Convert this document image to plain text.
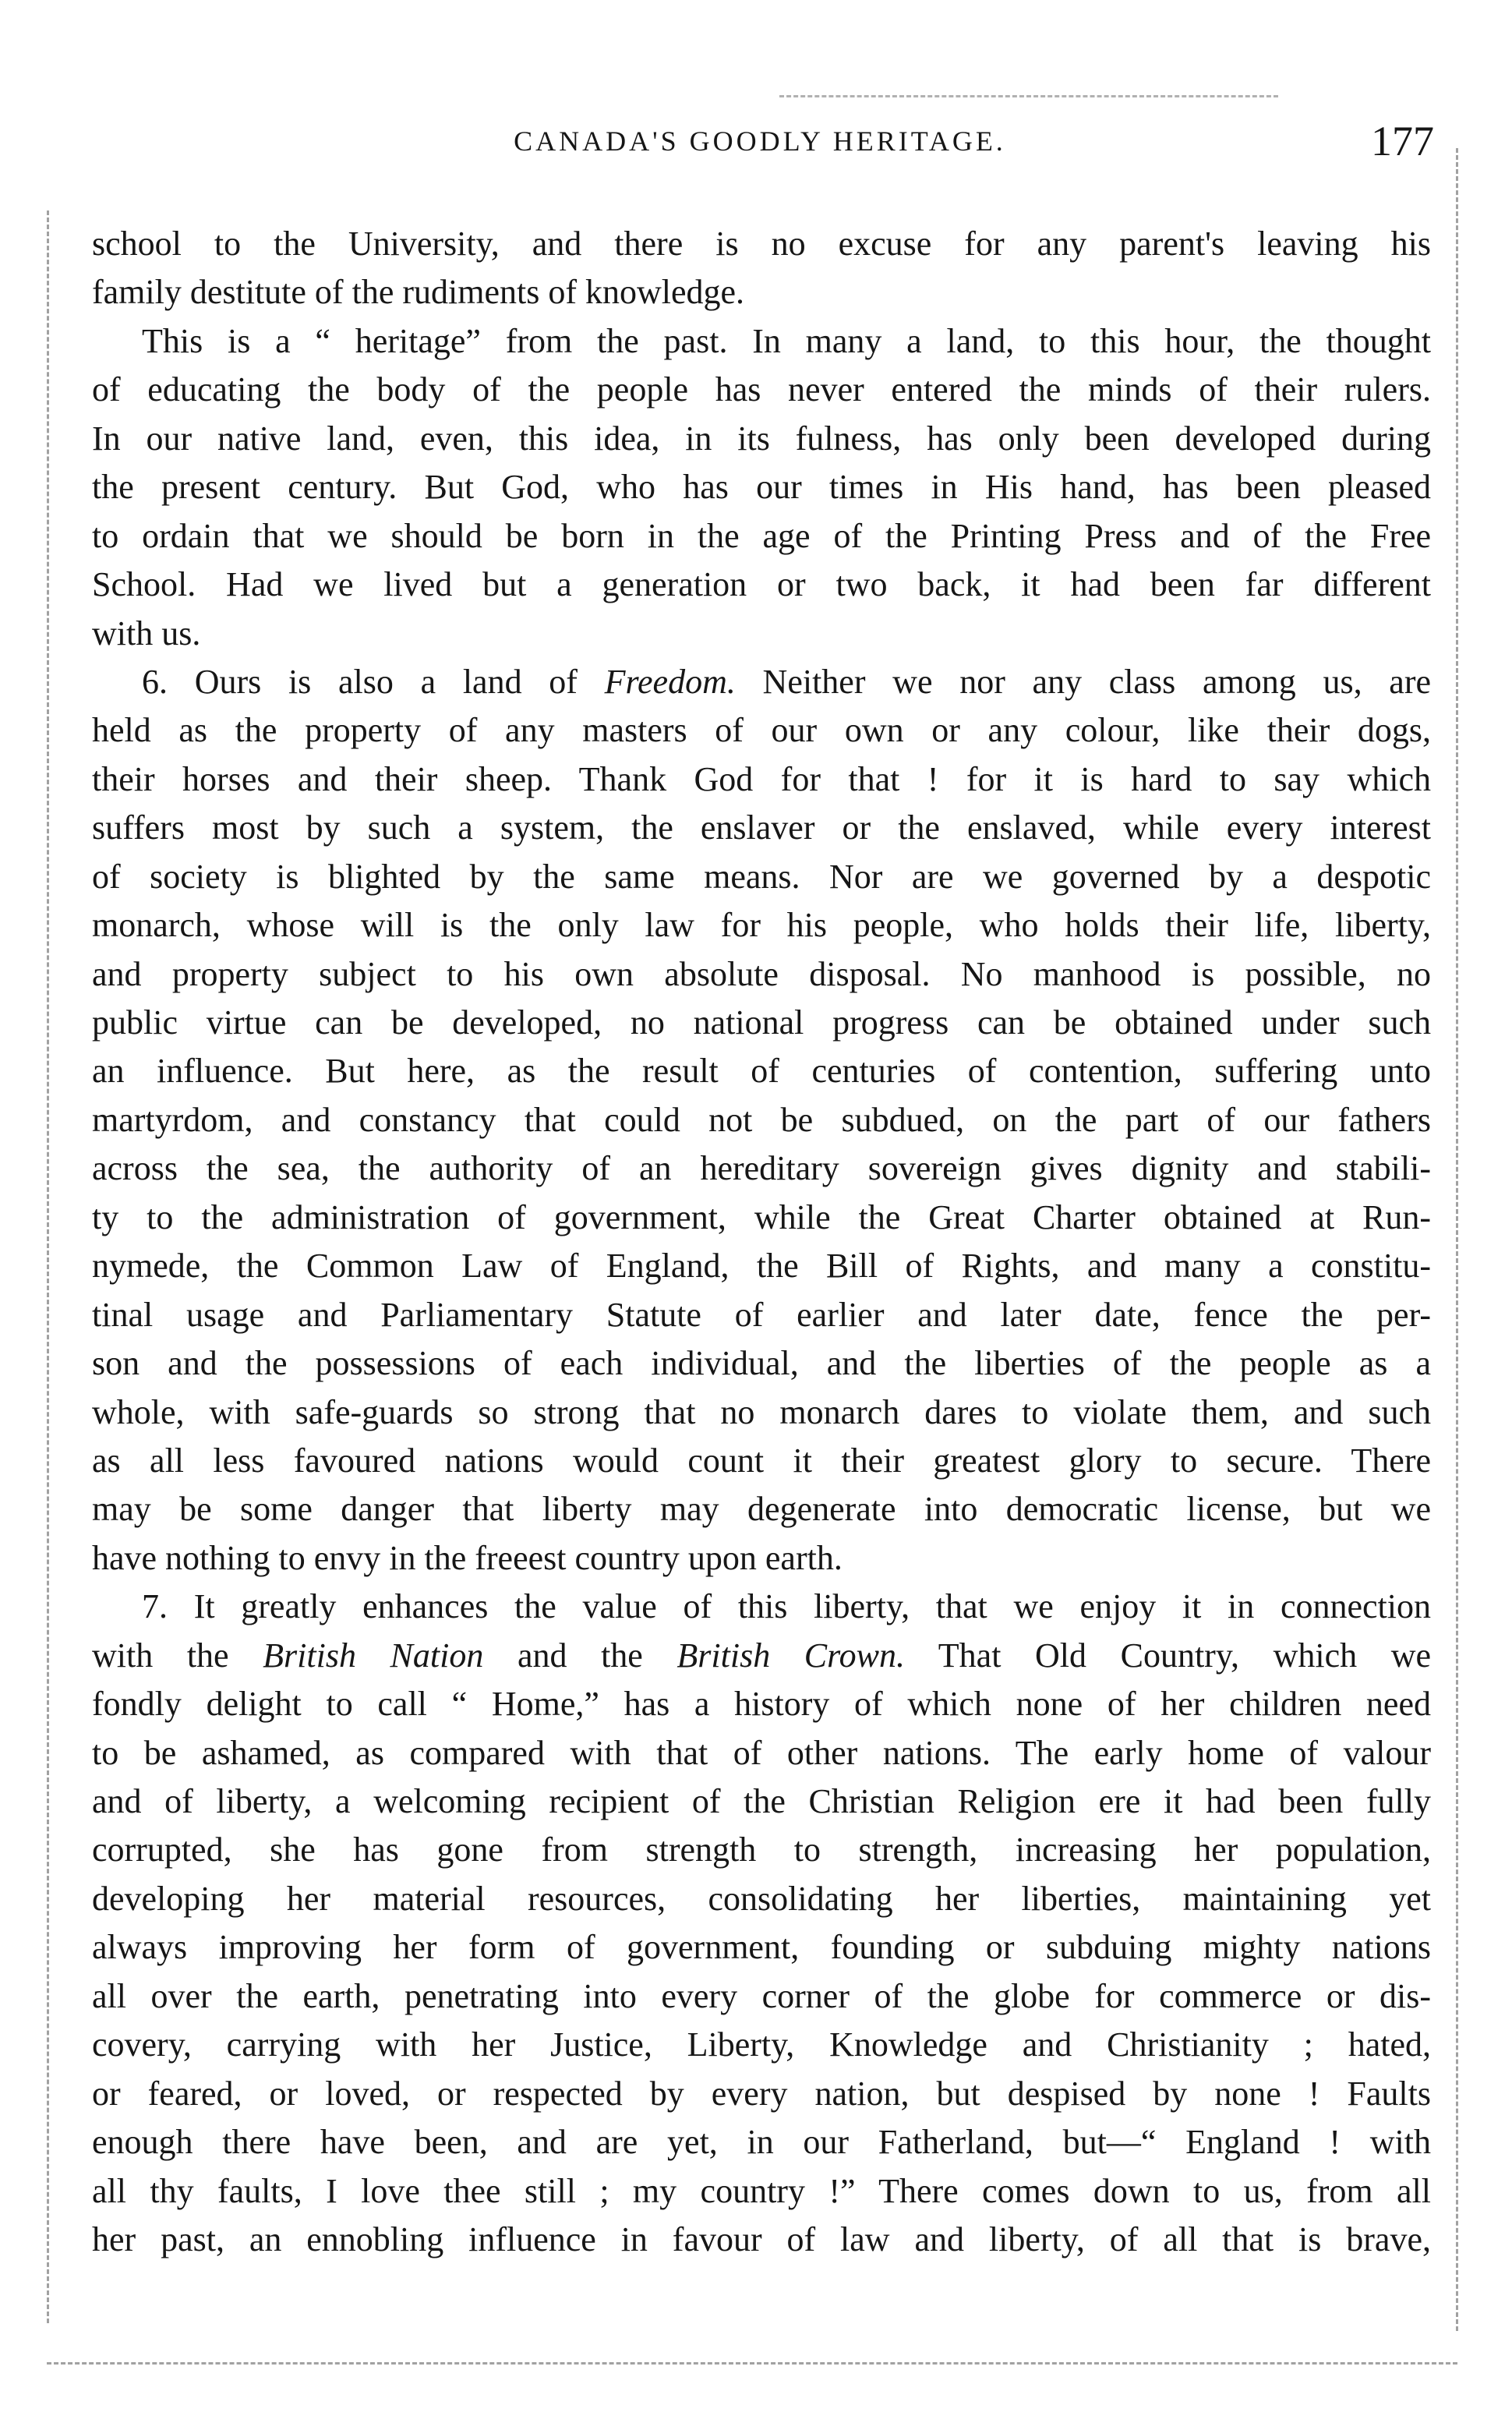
CANADA'S GOODLY HERITAGE.	177
school to the University, and there is no excuse for any parent's leaving his
family destitute of the rudiments of knowledge.
This is a “ heritage” from the past. In many a land, to this hour, the thought
of educating the body of the people has never entered the minds of their rulers.
In our native land, even, this idea, in its fulness, has only been developed during
the present century. But God, who has our times in His hand, has been pleased
to ordain that we should be born in the age of the Printing Press and of the Free
School. Had we lived but a generation or two back, it had been far different
with us.
6. Ours is also a land of Freedom. Neither we nor any class among us, are
held as the property of any masters of our own or any colour, like their dogs,
their horses and their sheep. Thank God for that ! for it is hard to say which
suffers most by such a system, the enslaver or the enslaved, while every interest
of society is blighted by the same means. Nor are we governed by a despotic
monarch, whose will is the only law for his people, who holds their life, liberty,
and property subject to his own absolute disposal. No manhood is possible, no
public virtue can be developed, no national progress can be obtained under such
an influence. But here, as the result of centuries of contention, suffering unto
martyrdom, and constancy that could not be subdued, on the part of our fathers
across the sea, the authority of an hereditary sovereign gives dignity and stabili-
ty to the administration of government, while the Great Charter obtained at Run-
nymede, the Common Law of England, the Bill of Rights, and many a constitu-
tinal usage and Parliamentary Statute of earlier and later date, fence the per-
son and the possessions of each individual, and the liberties of the people as a
whole, with safe-guards so strong that no monarch dares to violate them, and such
as all less favoured nations would count it their greatest glory to secure. There
may be some danger that liberty may degenerate into democratic license, but we
have nothing to envy in the freeest country upon earth.
7. It greatly enhances the value of this liberty, that we enjoy it in connection
with the British Nation and the British Crown. That Old Country, which we
fondly delight to call “ Home,” has a history of which none of her children need
to be ashamed, as compared with that of other nations. The early home of valour
and of liberty, a welcoming recipient of the Christian Religion ere it had been fully
corrupted, she has gone from strength to strength, increasing her population,
developing her material resources, consolidating her liberties, maintaining yet
always improving her form of government, founding or subduing mighty nations
all over the earth, penetrating into every corner of the globe for commerce or dis-
covery, carrying with her Justice, Liberty, Knowledge and Christianity ; hated,
or feared, or loved, or respected by every nation, but despised by none ! Faults
enough there have been, and are yet, in our Fatherland, but—“ England ! with
all thy faults, I love thee still ; my country !” There comes down to us, from all
her past, an ennobling influence in favour of law and liberty, of all that is brave,
